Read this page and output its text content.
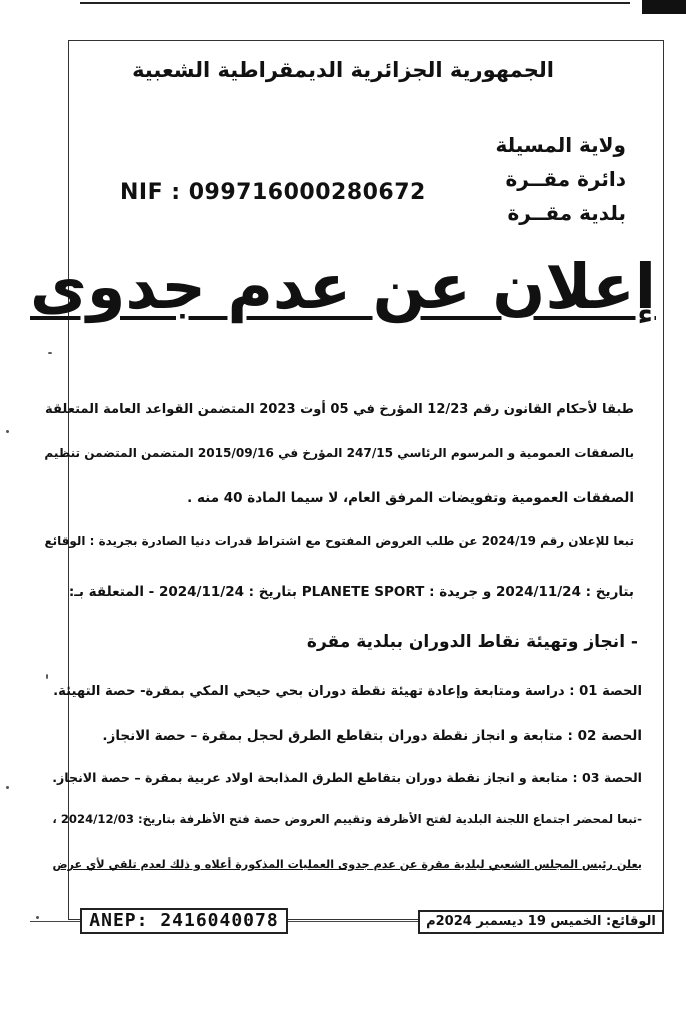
الجمهورية الجزائرية الديمقراطية الشعبية
ولاية المسيلة
دائرة مقــرة
بلدية مقــرة
NIF : 099716000280672
إعلان عن عدم جدوى
طبقا لأحكام القانون رقم 12/23 المؤرخ في 05 أوت 2023 المتضمن القواعد العامة المتعلقة
بالصفقات العمومية و المرسوم الرئاسي 247/15 المؤرخ في 2015/09/16 المتضمن المتضمن تنظيم
الصفقات العمومية وتفويضات المرفق العام، لا سيما المادة 40 منه .
تبعا للإعلان رقم 2024/19 عن طلب العروض المفتوح مع اشتراط قدرات دنيا الصادرة بجريدة : الوقائع
بتاريخ : 2024/11/24 و جريدة : PLANETE SPORT بتاريخ : 2024/11/24 - المتعلقة بـ:
- انجاز وتهيئة نقاط الدوران ببلدية مقرة
الحصة 01 : دراسة ومتابعة وإعادة تهيئة نقطة دوران بحي حيحي المكي بمقرة- حصة التهيئة.
الحصة 02 : متابعة و انجاز نقطة دوران بتقاطع الطرق لحجل بمقرة – حصة الانجاز.
الحصة 03 : متابعة و انجاز نقطة دوران بتقاطع الطرق المذابحة اولاد عربية بمقرة – حصة الانجاز.
-تبعا لمحضر اجتماع اللجنة البلدية لفتح الأظرفة وتقييم العروض حصة فتح الأظرفة بتاريخ: 2024/12/03 ،
يعلن رئيس المجلس الشعبي لبلدية مقرة عن عدم جدوى العمليات المذكورة أعلاه و ذلك لعدم تلقي لأي عرض
ANEP: 2416040078	الوقائع: الخميس 19 ديسمبر 2024م
